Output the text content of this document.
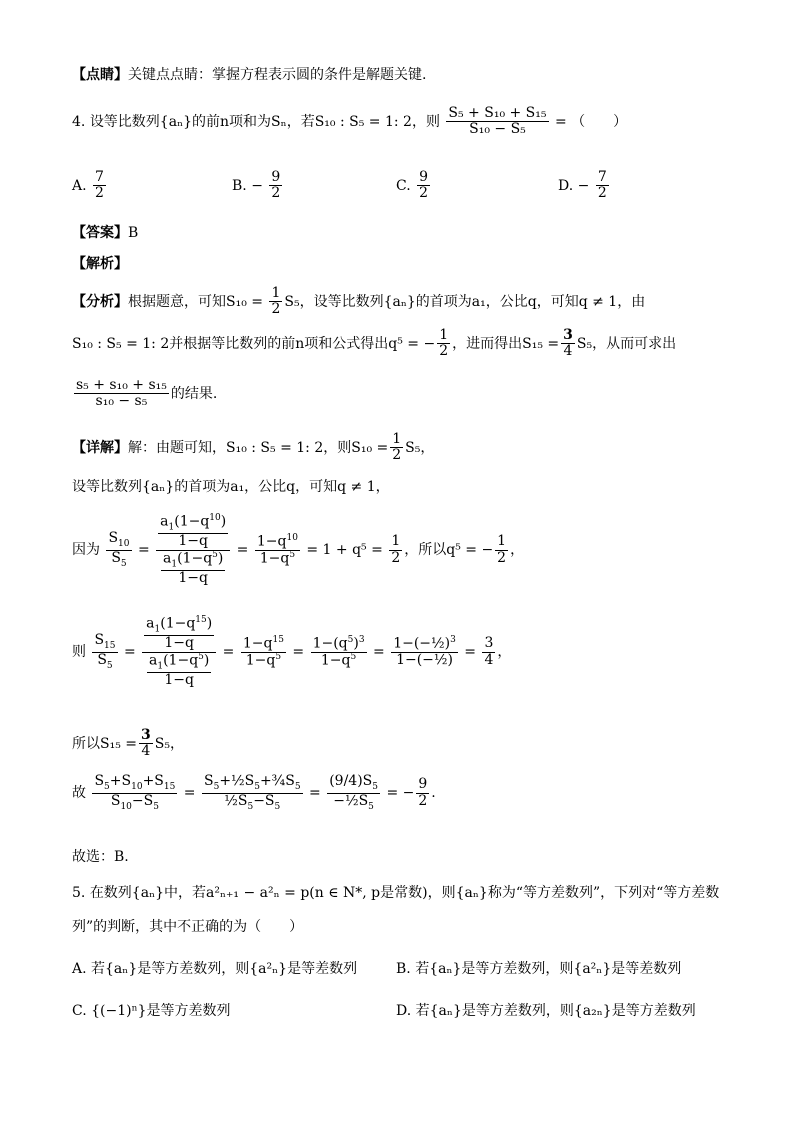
【点睛】关键点点睛：掌握方程表示圆的条件是解题关键.
4. 设等比数列{aₙ}的前n项和为Sₙ，若S₁₀ : S₅ = 1: 2，则 $\frac{\text{S₅ + S₁₀ + S₁₅}}{\text{S₁₀ − S₅}}$ = （　　）
A. $\frac{7}{2}$	B. − $\frac{9}{2}$	C. $\frac{9}{2}$	D. − $\frac{7}{2}$
【答案】B
【解析】
【分析】根据题意，可知$S_{10} = \frac{1}{2} S_5$，设等比数列{aₙ}的首项为a₁，公比q，可知q ≠ 1，由
S₁₀ : S₅ = 1: 2并根据等比数列的前n项和公式得出q⁵ = − $\frac{1}{2}$ ，进而得出$S_{15} = \frac{3}{4} S_5$，从而可求出
$\frac{\text{s₅ + s₁₀ + s₁₅}}{\text{s₁₀ − s₅}}$ 的结果.
【详解】解：由题可知，S₁₀ : S₅ = 1: 2，则$S_{10} = \frac{1}{2} S_5$，
设等比数列{aₙ}的首项为a₁，公比q，可知q ≠ 1，
因为 $\frac{S_{10}}{S_5} = \frac{\frac{a_1(1-q^{10})}{1-q}}{\frac{a_1(1-q^5)}{1-q}} = \frac{1-q^{10}}{1-q^5} = 1 + q^5 = \frac{1}{2}$ ，所以q⁵ = − $\frac{1}{2}$ ，
则 $\frac{S_{15}}{S_5} = \frac{\frac{a_1(1-q^{15})}{1-q}}{\frac{a_1(1-q^5)}{1-q}} = \frac{1-q^{15}}{1-q^5} = \frac{1-(q^5)^3}{1-q^5} = \frac{1-(-\frac{1}{2})^3}{\text{1−(−½)}} = \frac{3}{4}$ ，
所以$S_{15} = \frac{3}{4} S_5$，
故 $\frac{S_5+S_{10}+S_{15}}{S_{10}-S_5} = \frac{S_5+\frac{1}{2}S_5+\frac{3}{4}S_5}{\frac{1}{2}S_5-S_5} = \frac{(9/4)S_5}{-\frac{1}{2}S_5}$ = − $\frac{9}{2}$ .
故选：B.
5. 在数列{aₙ}中，若a²ₙ₊₁ − a²ₙ = p(n ∈ N*, p是常数)，则{aₙ}称为“等方差数列”，下列对“等方差数
列”的判断，其中不正确的为（　　）
A. 若{aₙ}是等方差数列，则{a²ₙ}是等差数列	B. 若{aₙ}是等方差数列，则{a²ₙ}是等差数列
C. {(−1)ⁿ}是等方差数列	D. 若{aₙ}是等方差数列，则{a₂ₙ}是等方差数列
